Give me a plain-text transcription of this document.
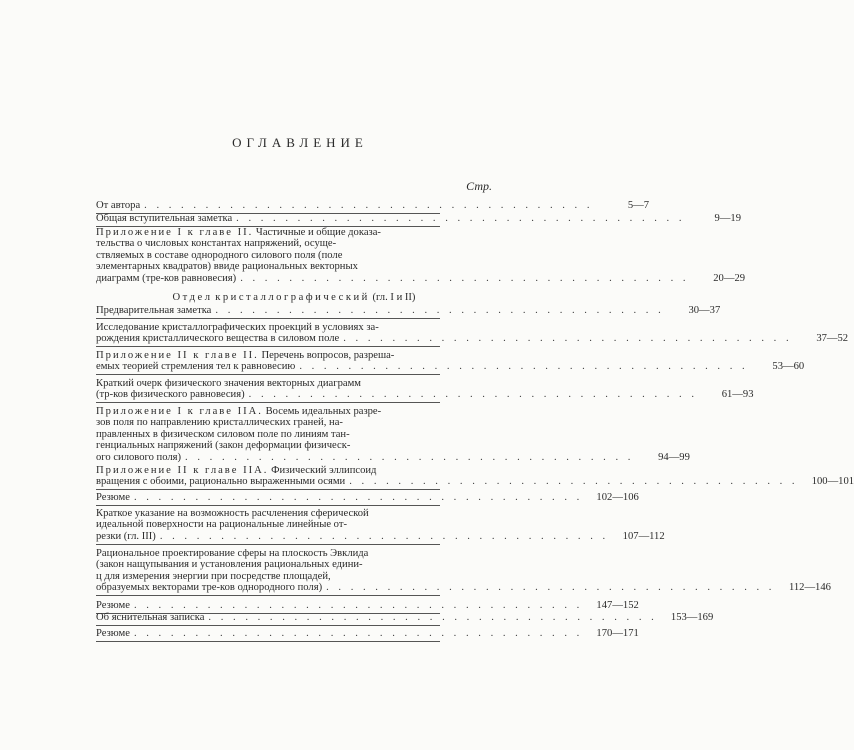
ОГЛАВЛЕНИЕ
Стр.
Отдел кристаллографический (гл. I и II)
От автора . . . . . . . . . . . . . . . . . . . . . . . . . . . . . . . . . . . . .	5—7
Общая вступительная заметка . . . . . . . . . . . . . . . . . . . . . . . . . . . . . . . . . . . . .	9—19
Приложение I к главе II. Частичные и общие доказа-
тельства о числовых константах напряжений, осуще-
ствляемых в составе однородного силового поля (поле
элементарных квадратов) ввиде рациональных векторных
диаграмм (тре-ков равновесия) . . . . . . . . . . . . . . . . . . . . . . . . . . . . . . . . . . . . .	20—29
Предварительная заметка . . . . . . . . . . . . . . . . . . . . . . . . . . . . . . . . . . . . .	30—37
Исследование кристаллографических проекций в условиях за-
рождения кристаллического вещества в силовом поле . . . . . . . . . . . . . . . . . . . . . . . . . . . . . . . . . . . . .	37—52
Приложение II к главе II. Перечень вопросов, разреша-
емых теорией стремления тел к равновесию . . . . . . . . . . . . . . . . . . . . . . . . . . . . . . . . . . . . .	53—60
Краткий очерк физического значения векторных диаграмм
(тр-ков физического равновесия) . . . . . . . . . . . . . . . . . . . . . . . . . . . . . . . . . . . . .	61—93
Приложение I к главе IIA. Восемь идеальных разре-
зов поля по направлению кристаллических граней, на-
правленных в физическом силовом поле по линиям тан-
генциальных напряжений (закон деформации физическ-
ого силового поля) . . . . . . . . . . . . . . . . . . . . . . . . . . . . . . . . . . . . .	94—99
Приложение II к главе IIA. Физический эллипсоид
вращения с обоими, рационально выраженными осями . . . . . . . . . . . . . . . . . . . . . . . . . . . . . . . . . . . . .	100—101
Резюме . . . . . . . . . . . . . . . . . . . . . . . . . . . . . . . . . . . . .	102—106
Краткое указание на возможность расчленения сферической
идеальной поверхности на рациональные линейные от-
резки (гл. III) . . . . . . . . . . . . . . . . . . . . . . . . . . . . . . . . . . . . .	107—112
Рациональное проектирование сферы на плоскость Эвклида
(закон нащупывания и установления рациональных едини-
ц для измерения энергии при посредстве площадей,
образуемых векторами тре-ков однородного поля) . . . . . . . . . . . . . . . . . . . . . . . . . . . . . . . . . . . . .	112—146
Резюме . . . . . . . . . . . . . . . . . . . . . . . . . . . . . . . . . . . . .	147—152
Об яснительная записка . . . . . . . . . . . . . . . . . . . . . . . . . . . . . . . . . . . . .	153—169
Резюме . . . . . . . . . . . . . . . . . . . . . . . . . . . . . . . . . . . . .	170—171
